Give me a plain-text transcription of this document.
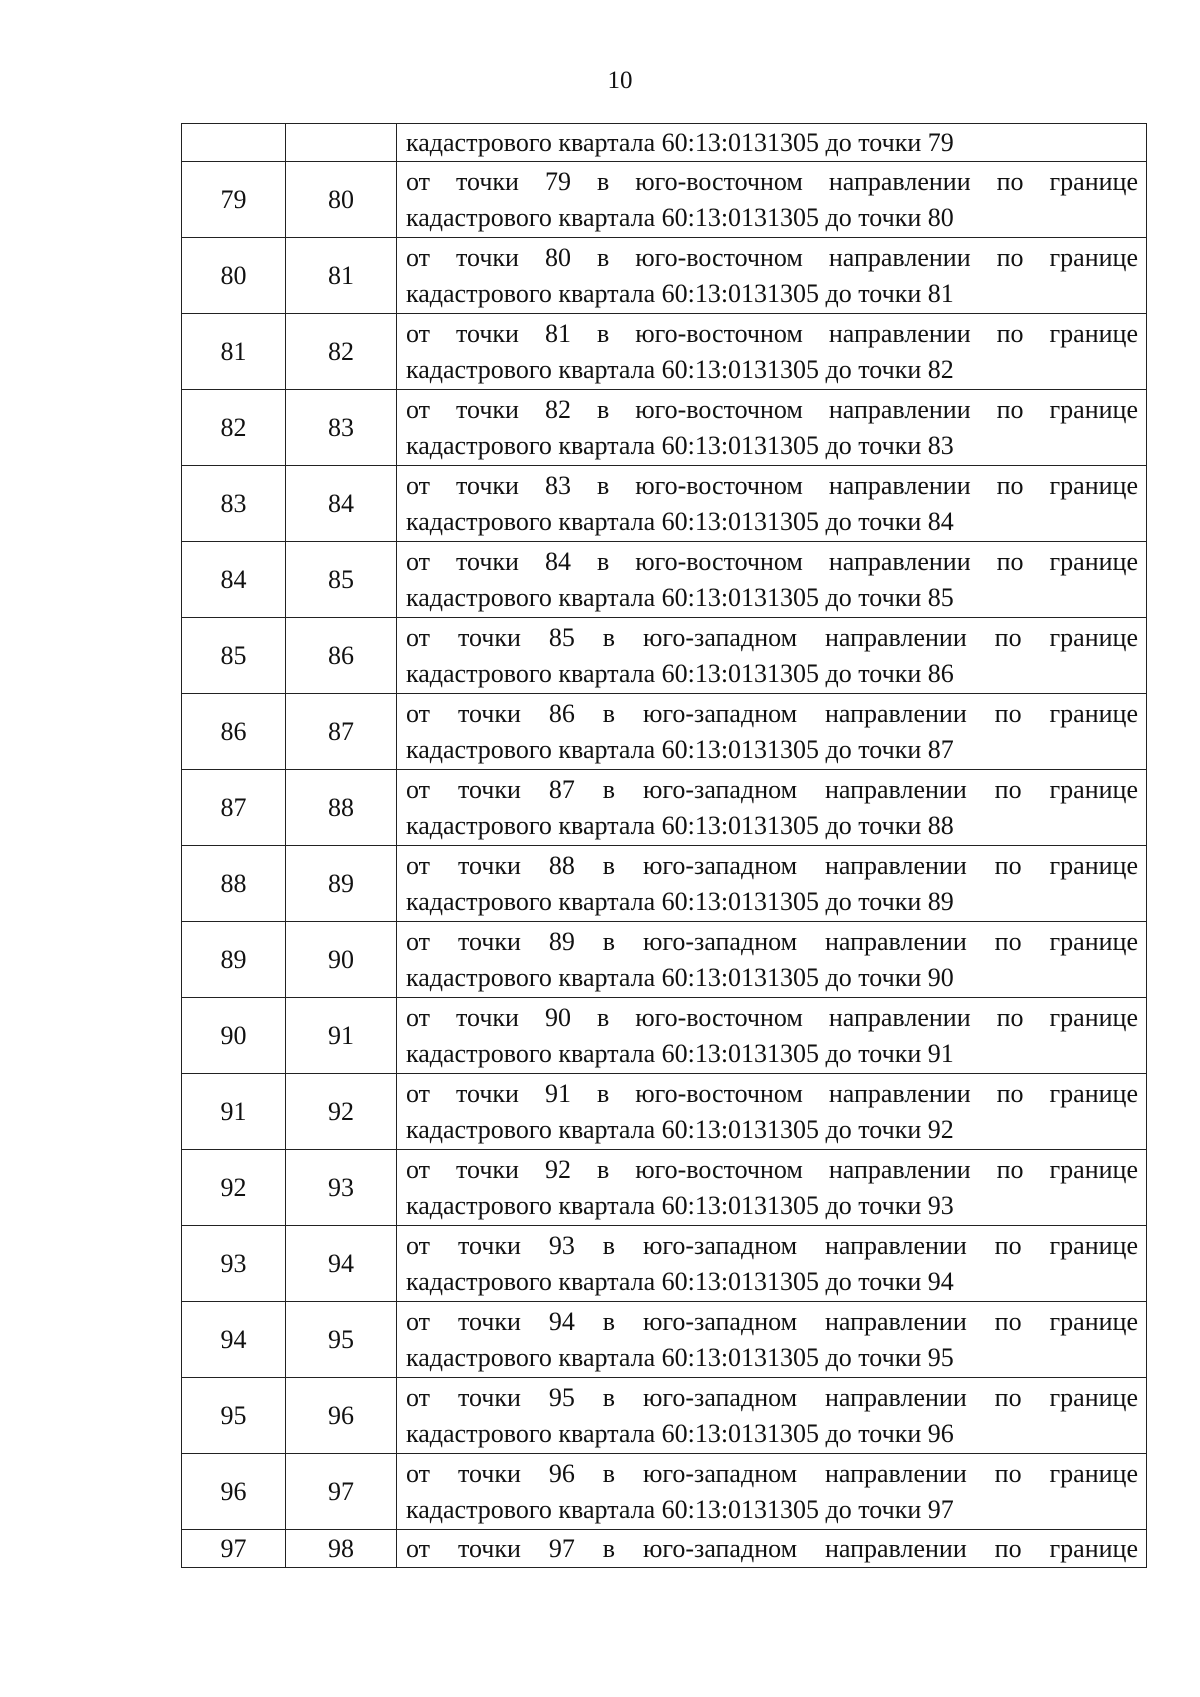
10

		кадастрового квартала 60:13:0131305 до точки 79

79	80	от точки 79 в юго-восточном направлении по границе
кадастрового квартала 60:13:0131305 до точки 80

80	81	от точки 80 в юго-восточном направлении по границе
кадастрового квартала 60:13:0131305 до точки 81

81	82	от точки 81 в юго-восточном направлении по границе
кадастрового квартала 60:13:0131305 до точки 82

82	83	от точки 82 в юго-восточном направлении по границе
кадастрового квартала 60:13:0131305 до точки 83

83	84	от точки 83 в юго-восточном направлении по границе
кадастрового квартала 60:13:0131305 до точки 84

84	85	от точки 84 в юго-восточном направлении по границе
кадастрового квартала 60:13:0131305 до точки 85

85	86	от точки 85 в юго-западном направлении по границе
кадастрового квартала 60:13:0131305 до точки 86

86	87	от точки 86 в юго-западном направлении по границе
кадастрового квартала 60:13:0131305 до точки 87

87	88	от точки 87 в юго-западном направлении по границе
кадастрового квартала 60:13:0131305 до точки 88

88	89	от точки 88 в юго-западном направлении по границе
кадастрового квартала 60:13:0131305 до точки 89

89	90	от точки 89 в юго-западном направлении по границе
кадастрового квартала 60:13:0131305 до точки 90

90	91	от точки 90 в юго-восточном направлении по границе
кадастрового квартала 60:13:0131305 до точки 91

91	92	от точки 91 в юго-восточном направлении по границе
кадастрового квартала 60:13:0131305 до точки 92

92	93	от точки 92 в юго-восточном направлении по границе
кадастрового квартала 60:13:0131305 до точки 93

93	94	от точки 93 в юго-западном направлении по границе
кадастрового квартала 60:13:0131305 до точки 94

94	95	от точки 94 в юго-западном направлении по границе
кадастрового квартала 60:13:0131305 до точки 95

95	96	от точки 95 в юго-западном направлении по границе
кадастрового квартала 60:13:0131305 до точки 96

96	97	от точки 96 в юго-западном направлении по границе
кадастрового квартала 60:13:0131305 до точки 97

97	98	от точки 97 в юго-западном направлении по границе
